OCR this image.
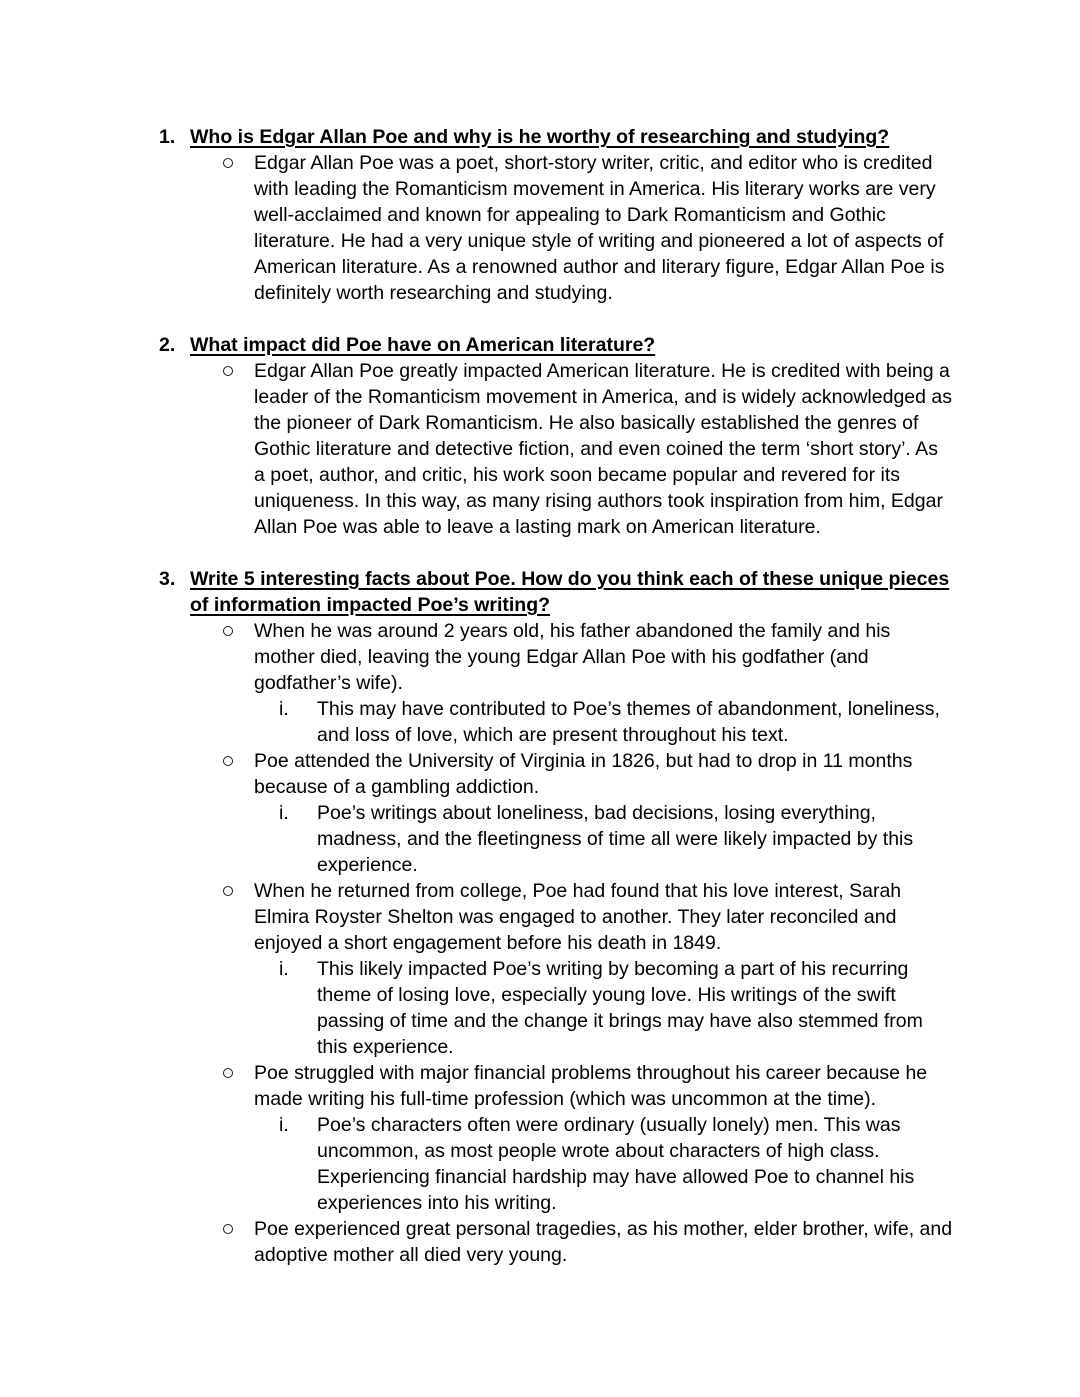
1. Who is Edgar Allan Poe and why is he worthy of researching and studying?
Edgar Allan Poe was a poet, short-story writer, critic, and editor who is credited with leading the Romanticism movement in America. His literary works are very well-acclaimed and known for appealing to Dark Romanticism and Gothic literature. He had a very unique style of writing and pioneered a lot of aspects of American literature. As a renowned author and literary figure, Edgar Allan Poe is definitely worth researching and studying.
2. What impact did Poe have on American literature?
Edgar Allan Poe greatly impacted American literature. He is credited with being a leader of the Romanticism movement in America, and is widely acknowledged as the pioneer of Dark Romanticism. He also basically established the genres of Gothic literature and detective fiction, and even coined the term ‘short story’. As a poet, author, and critic, his work soon became popular and revered for its uniqueness. In this way, as many rising authors took inspiration from him, Edgar Allan Poe was able to leave a lasting mark on American literature.
3. Write 5 interesting facts about Poe. How do you think each of these unique pieces of information impacted Poe’s writing?
When he was around 2 years old, his father abandoned the family and his mother died, leaving the young Edgar Allan Poe with his godfather (and godfather’s wife).
i.	This may have contributed to Poe’s themes of abandonment, loneliness, and loss of love, which are present throughout his text.
Poe attended the University of Virginia in 1826, but had to drop in 11 months because of a gambling addiction.
i.	Poe’s writings about loneliness, bad decisions, losing everything, madness, and the fleetingness of time all were likely impacted by this experience.
When he returned from college, Poe had found that his love interest, Sarah Elmira Royster Shelton was engaged to another. They later reconciled and enjoyed a short engagement before his death in 1849.
i.	This likely impacted Poe’s writing by becoming a part of his recurring theme of losing love, especially young love. His writings of the swift passing of time and the change it brings may have also stemmed from this experience.
Poe struggled with major financial problems throughout his career because he made writing his full-time profession (which was uncommon at the time).
i.	Poe’s characters often were ordinary (usually lonely) men. This was uncommon, as most people wrote about characters of high class. Experiencing financial hardship may have allowed Poe to channel his experiences into his writing.
Poe experienced great personal tragedies, as his mother, elder brother, wife, and adoptive mother all died very young.
